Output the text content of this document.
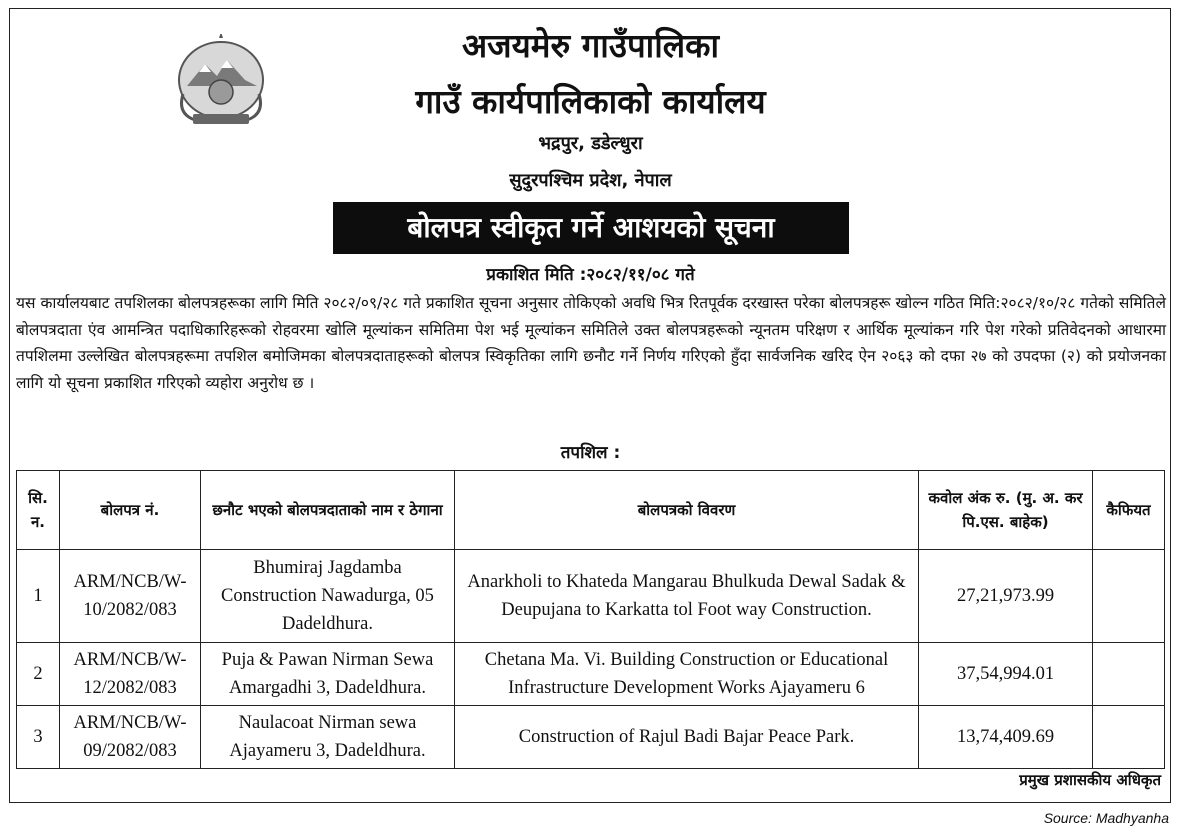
अजयमेरु गाउँपालिका
गाउँ कार्यपालिकाको कार्यालय
भद्रपुर, डडेल्धुरा
सुदुरपश्चिम प्रदेश, नेपाल
बोलपत्र स्वीकृत गर्ने आशयको सूचना
प्रकाशित मिति :२०८२/११/०८ गते
यस कार्यालयबाट तपशिलका बोलपत्रहरूका लागि मिति २०८२/०९/२८ गते प्रकाशित सूचना अनुसार तोकिएको अवधि भित्र रितपूर्वक दरखास्त परेका बोलपत्रहरू खोल्न गठित मिति:२०८२/१०/२८ गतेको समितिले बोलपत्रदाता एंव आमन्त्रित पदाधिकारिहरूको रोहवरमा खोलि मूल्यांकन समितिमा पेश भई मूल्यांकन समितिले उक्त बोलपत्रहरूको न्यूनतम परिक्षण र आर्थिक मूल्यांकन गरि पेश गरेको प्रतिवेदनको आधारमा तपशिलमा उल्लेखित बोलपत्रहरूमा तपशिल बमोजिमका बोलपत्रदाताहरूको बोलपत्र स्विकृतिका लागि छनौट गर्ने निर्णय गरिएको हुँदा सार्वजनिक खरिद ऐन २०६३ को दफा २७ को उपदफा (२) को प्रयोजनका लागि यो सूचना प्रकाशित गरिएको व्यहोरा अनुरोध छ ।
तपशिल :
सि. न.	बोलपत्र नं.	छनौट भएको बोलपत्रदाताको नाम र ठेगाना	बोलपत्रको विवरण	कवोल अंक रु. (मु. अ. कर पि.एस. बाहेक)	कैफियत
1	ARM/NCB/W-10/2082/083	Bhumiraj Jagdamba Construction Nawadurga, 05 Dadeldhura.	Anarkholi to Khateda Mangarau Bhulkuda Dewal Sadak & Deupujana to Karkatta tol Foot way Construction.	27,21,973.99	
2	ARM/NCB/W-12/2082/083	Puja & Pawan Nirman Sewa Amargadhi 3, Dadeldhura.	Chetana Ma. Vi. Building Construction or Educational Infrastructure Development Works Ajayameru 6	37,54,994.01	
3	ARM/NCB/W-09/2082/083	Naulacoat Nirman sewa Ajayameru 3, Dadeldhura.	Construction of Rajul Badi Bajar Peace Park.	13,74,409.69	
प्रमुख प्रशासकीय अधिकृत
Source: Madhyanha
